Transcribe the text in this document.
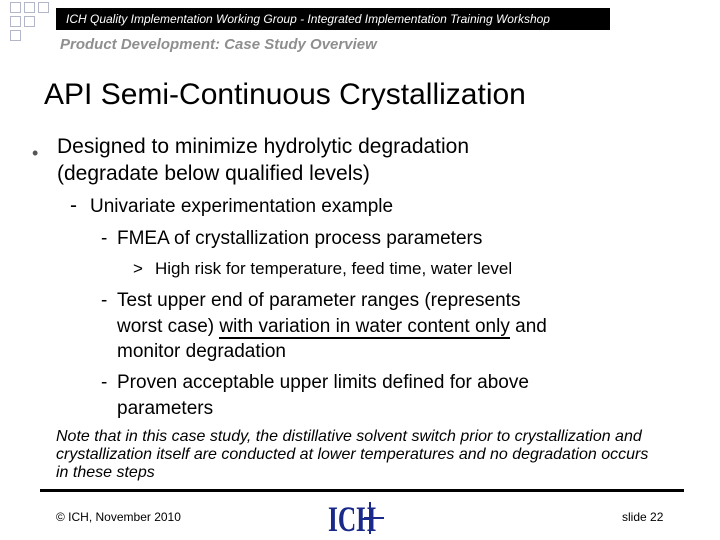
ICH Quality Implementation Working Group - Integrated Implementation Training Workshop
Product Development: Case Study Overview
API Semi-Continuous Crystallization
• Designed to minimize hydrolytic degradation
(degradate below qualified levels)
- Univariate experimentation example
- FMEA of crystallization process parameters
> High risk for temperature, feed time, water level
- Test upper end of parameter ranges (represents
worst case) with variation in water content only and
monitor degradation
- Proven acceptable upper limits defined for above
parameters
Note that in this case study, the distillative solvent switch prior to crystallization and crystallization itself are conducted at lower temperatures and no degradation occurs in these steps
© ICH, November 2010	ICH	slide 22
